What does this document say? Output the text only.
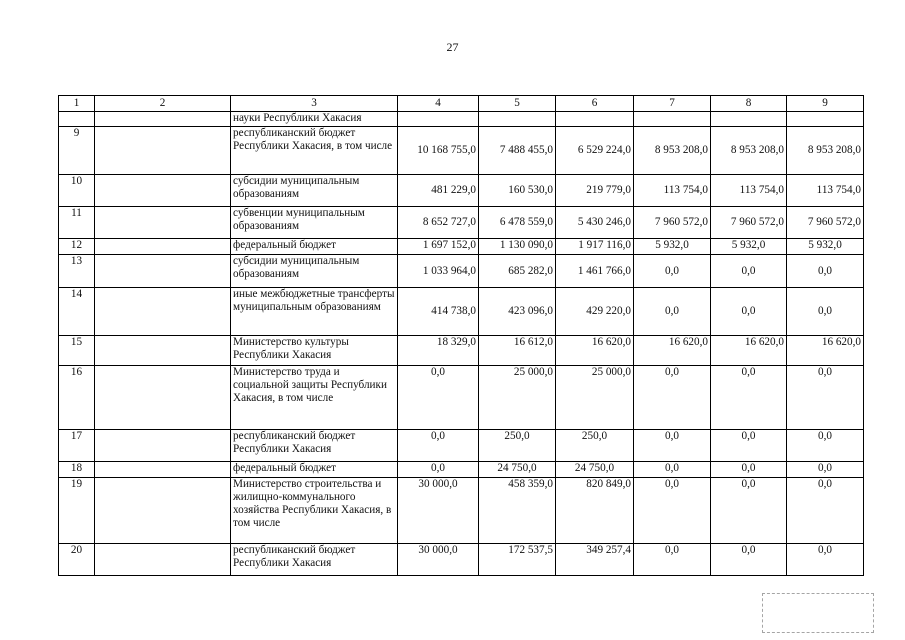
27
1	2	3	4	5	6	7	8	9
		науки Республики Хакасия						
9		республиканский бюджет Республики Хакасия, в том числе	10 168 755,0	7 488 455,0	6 529 224,0	8 953 208,0	8 953 208,0	8 953 208,0
10		субсидии муниципальным образованиям	481 229,0	160 530,0	219 779,0	113 754,0	113 754,0	113 754,0
11		субвенции муниципальным образованиям	8 652 727,0	6 478 559,0	5 430 246,0	7 960 572,0	7 960 572,0	7 960 572,0
12		федеральный бюджет	1 697 152,0	1 130 090,0	1 917 116,0	5 932,0	5 932,0	5 932,0
13		субсидии муниципальным образованиям	1 033 964,0	685 282,0	1 461 766,0	0,0	0,0	0,0
14		иные межбюджетные трансферты муниципальным образованиям	414 738,0	423 096,0	429 220,0	0,0	0,0	0,0
15		Министерство культуры Республики Хакасия	18 329,0	16 612,0	16 620,0	16 620,0	16 620,0	16 620,0
16		Министерство труда и социальной защиты Республики Хакасия, в том числе	0,0	25 000,0	25 000,0	0,0	0,0	0,0
17		республиканский бюджет Республики Хакасия	0,0	250,0	250,0	0,0	0,0	0,0
18		федеральный бюджет	0,0	24 750,0	24 750,0	0,0	0,0	0,0
19		Министерство строительства и жилищно-коммунального хозяйства Республики Хакасия, в том числе	30 000,0	458 359,0	820 849,0	0,0	0,0	0,0
20		республиканский бюджет Республики Хакасия	30 000,0	172 537,5	349 257,4	0,0	0,0	0,0
